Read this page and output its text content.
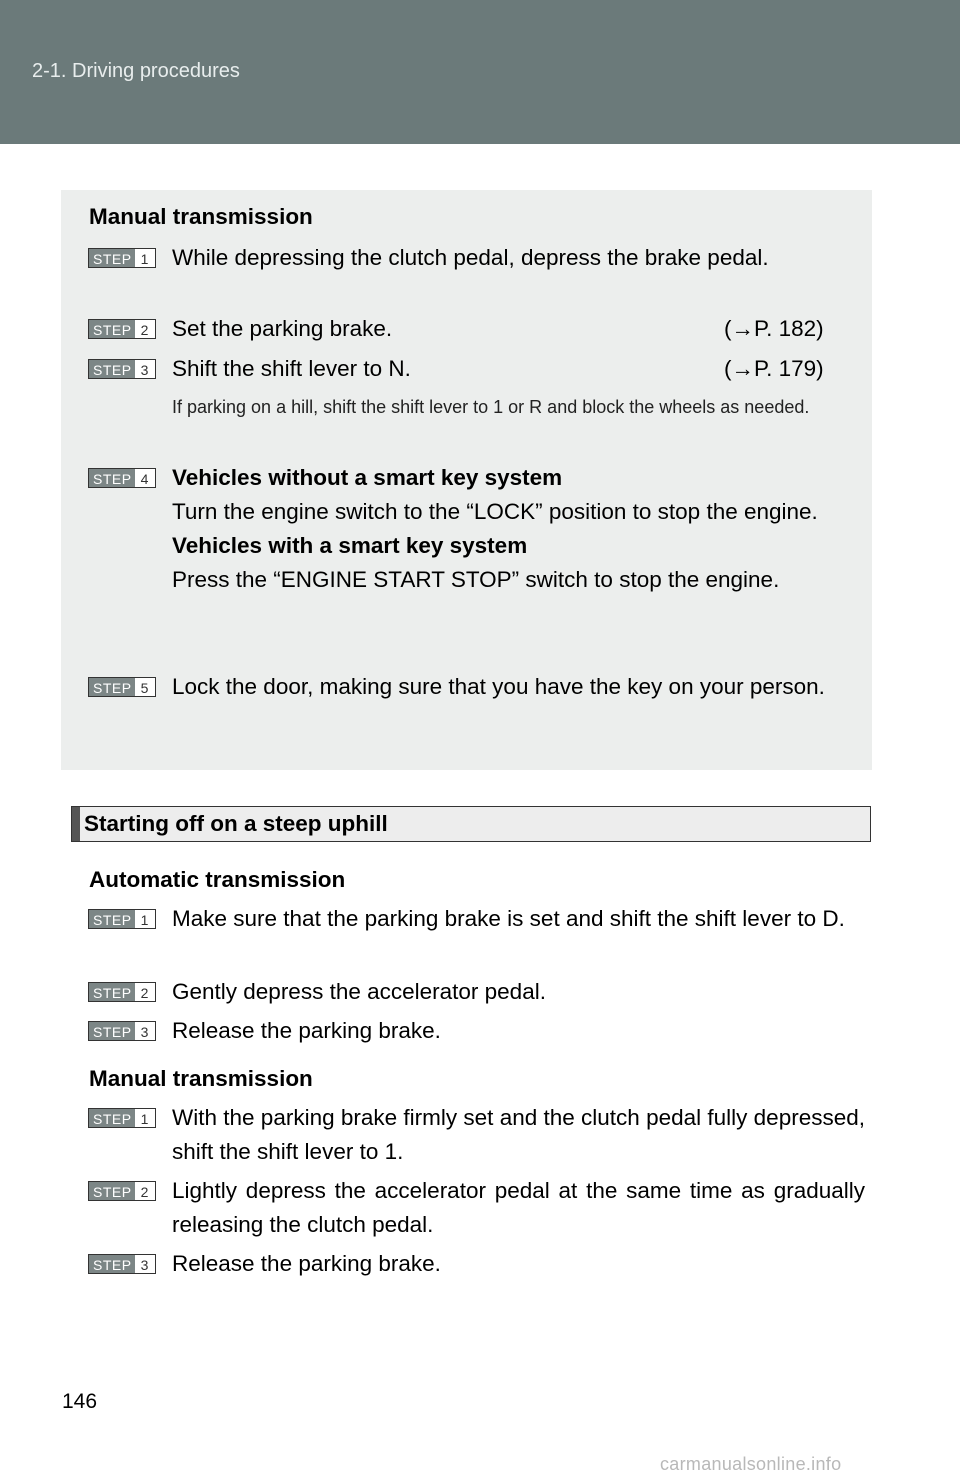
2-1. Driving procedures
Manual transmission
STEP 1 While depressing the clutch pedal, depress the brake pedal.
STEP 2 Set the parking brake.	(→P. 182)
STEP 3 Shift the shift lever to N.	(→P. 179)
If parking on a hill, shift the shift lever to 1 or R and block the wheels as needed.
STEP 4 Vehicles without a smart key system
Turn the engine switch to the “LOCK” position to stop the engine.
Vehicles with a smart key system
Press the “ENGINE START STOP” switch to stop the engine.
STEP 5 Lock the door, making sure that you have the key on your person.
Starting off on a steep uphill
Automatic transmission
STEP 1 Make sure that the parking brake is set and shift the shift lever to D.
STEP 2 Gently depress the accelerator pedal.
STEP 3 Release the parking brake.
Manual transmission
STEP 1 With the parking brake firmly set and the clutch pedal fully depressed, shift the shift lever to 1.
STEP 2 Lightly depress the accelerator pedal at the same time as gradually releasing the clutch pedal.
STEP 3 Release the parking brake.
146
carmanualsonline.info
